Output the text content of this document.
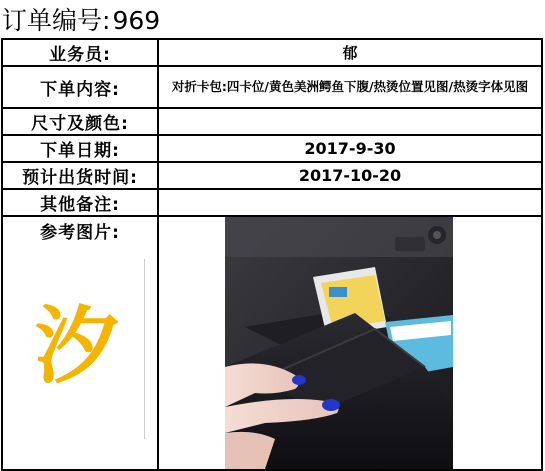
订单编号:969
业务员:	郁
下单内容:	对折卡包:四卡位/黄色美洲鳄鱼下腹/热烫位置见图/热烫字体见图
尺寸及颜色:	
下单日期:	2017-9-30
预计出货时间:	2017-10-20
其他备注:	

参考图片:
汐
